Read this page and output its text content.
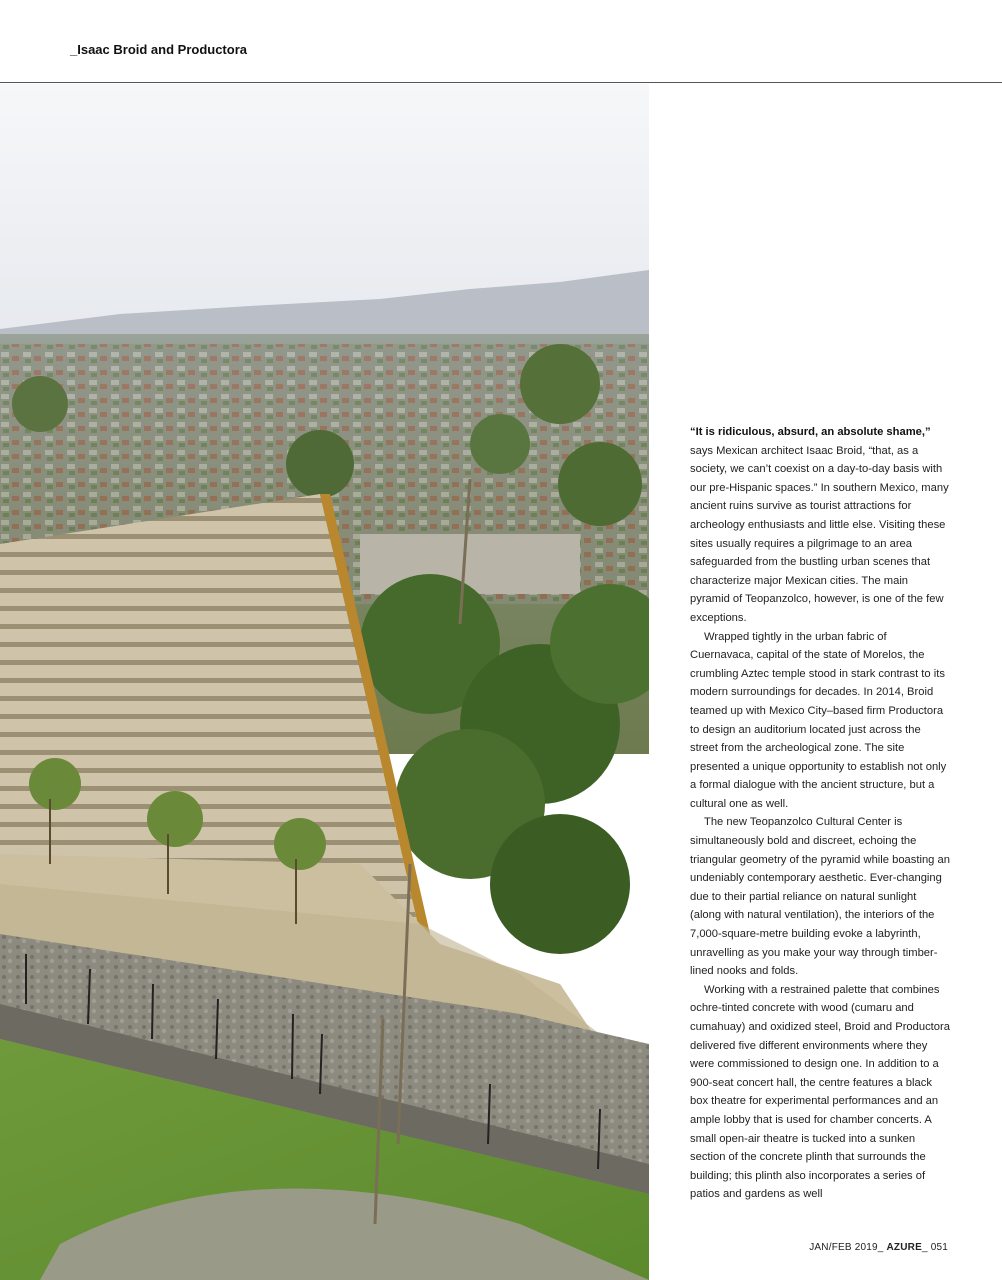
_Isaac Broid and Productora

“It is ridiculous, absurd, an absolute shame,” says Mexican architect Isaac Broid, “that, as a society, we can’t coexist on a day-to-day basis with our pre-Hispanic spaces.” In southern Mexico, many ancient ruins survive as tourist attractions for archeology enthusiasts and little else. Visiting these sites usually requires a pilgrimage to an area safeguarded from the bustling urban scenes that characterize major Mexican cities. The main pyramid of Teopanzolco, however, is one of the few exceptions.

Wrapped tightly in the urban fabric of Cuernavaca, capital of the state of Morelos, the crumbling Aztec temple stood in stark contrast to its modern surroundings for decades. In 2014, Broid teamed up with Mexico City–based firm Productora to design an auditorium located just across the street from the archeological zone. The site presented a unique opportunity to establish not only a formal dialogue with the ancient structure, but a cultural one as well.

The new Teopanzolco Cultural Center is simultaneously bold and discreet, echoing the triangular geometry of the pyramid while boasting an undeniably contemporary aesthetic. Ever-changing due to their partial reliance on natural sunlight (along with natural ventilation), the interiors of the 7,000-square-metre building evoke a labyrinth, unravelling as you make your way through timber-lined nooks and folds.

Working with a restrained palette that combines ochre-tinted concrete with wood (cumaru and cumahuay) and oxidized steel, Broid and Productora delivered five different environments where they were commissioned to design one. In addition to a 900-seat concert hall, the centre features a black box theatre for experimental performances and an ample lobby that is used for chamber concerts. A small open-air theatre is tucked into a sunken section of the concrete plinth that surrounds the building; this plinth also incorporates a series of patios and gardens as well

JAN/FEB 2019_ AZURE_ 051
